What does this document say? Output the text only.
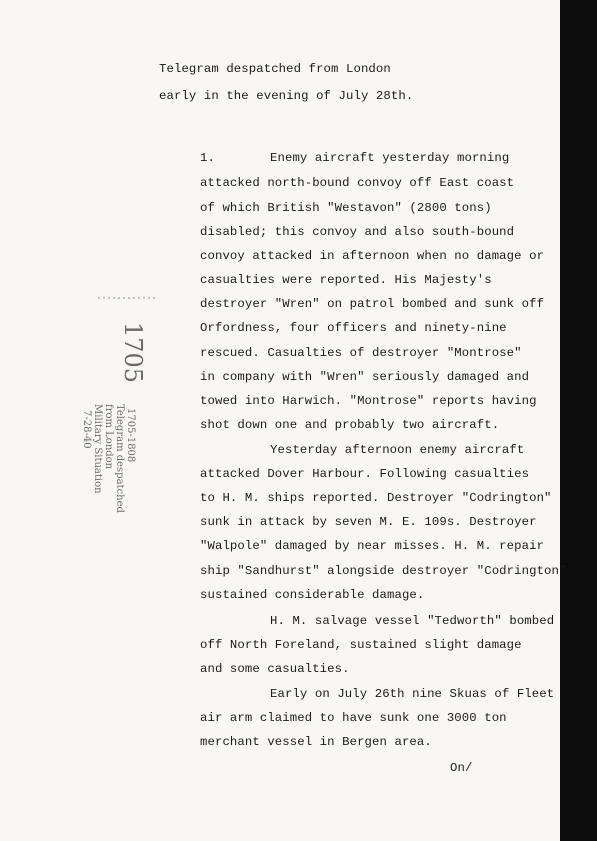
Telegram despatched from London

early in the evening of July 28th.

1.	Enemy aircraft yesterday morning

attacked north-bound convoy off East coast

of which British "Westavon" (2800 tons)

disabled; this convoy and also south-bound

convoy attacked in afternoon when no damage or

casualties were reported. His Majesty's

destroyer "Wren" on patrol bombed and sunk off

Orfordness, four officers and ninety-nine

rescued. Casualties of destroyer "Montrose"

in company with "Wren" seriously damaged and

towed into Harwich. "Montrose" reports having

shot down one and probably two aircraft.

Yesterday afternoon enemy aircraft

attacked Dover Harbour. Following casualties

to H. M. ships reported. Destroyer "Codrington"

sunk in attack by seven M. E. 109s. Destroyer

"Walpole" damaged by near misses. H. M. repair

ship "Sandhurst" alongside destroyer "Codrington"

sustained considerable damage.

H. M. salvage vessel "Tedworth" bombed

off North Foreland, sustained slight damage

and some casualties.

Early on July 26th nine Skuas of Fleet

air arm claimed to have sunk one 3000 ton

merchant vessel in Bergen area.

On/

1705
1705-1808
Telegram despatched
from London
Military Situation
7-28-40
